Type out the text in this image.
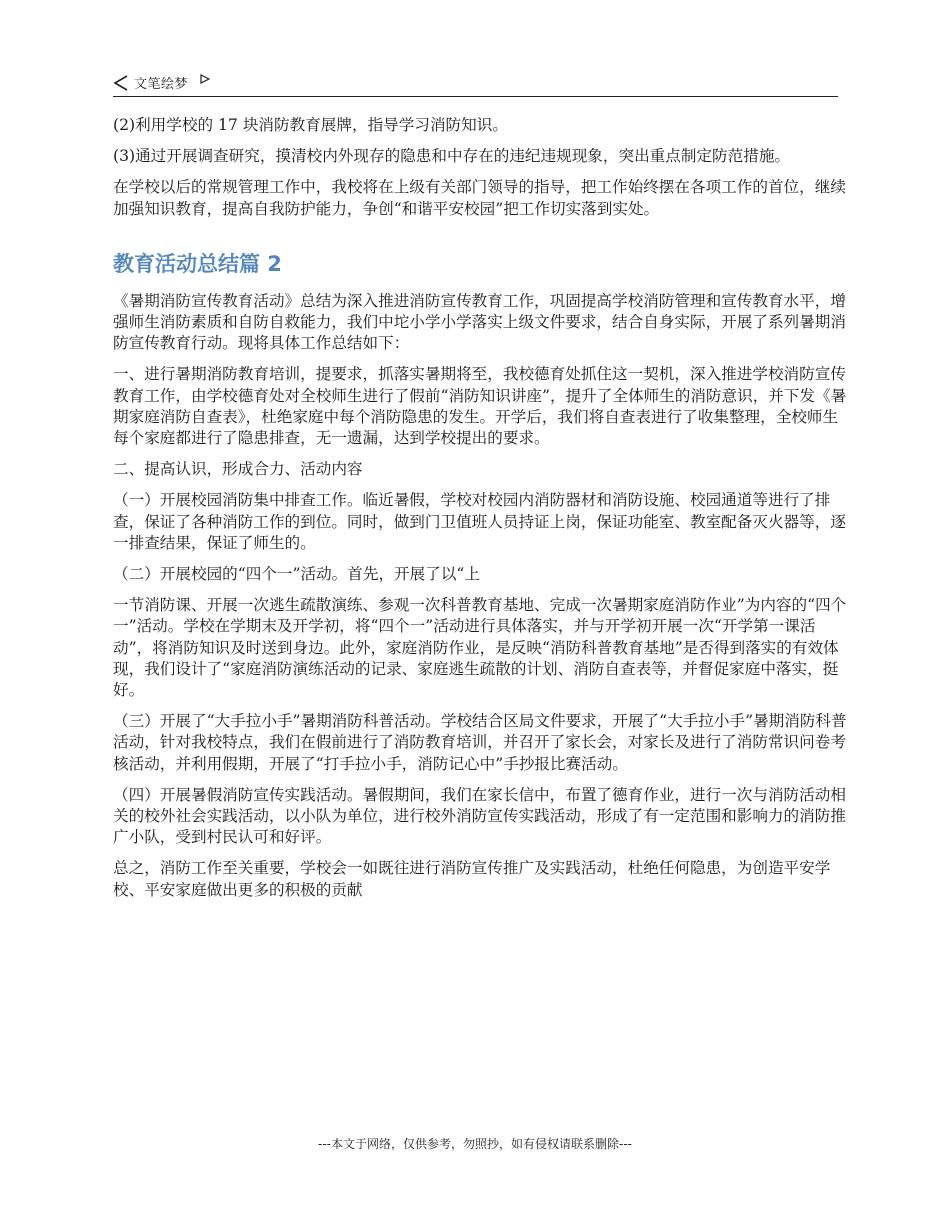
文笔绘梦

(2)利用学校的 17 块消防教育展牌，指导学习消防知识。

(3)通过开展调查研究，摸清校内外现存的隐患和中存在的违纪违规现象，突出重点制定防范措施。

在学校以后的常规管理工作中，我校将在上级有关部门领导的指导，把工作始终摆在各项工作的首位，继续加强知识教育，提高自我防护能力，争创“和谐平安校园”把工作切实落到实处。

教育活动总结篇 2

《暑期消防宣传教育活动》总结为深入推进消防宣传教育工作，巩固提高学校消防管理和宣传教育水平，增强师生消防素质和自防自救能力，我们中坨小学小学落实上级文件要求，结合自身实际，开展了系列暑期消防宣传教育行动。现将具体工作总结如下：

一、进行暑期消防教育培训，提要求，抓落实暑期将至，我校德育处抓住这一契机，深入推进学校消防宣传教育工作，由学校德育处对全校师生进行了假前“消防知识讲座”，提升了全体师生的消防意识，并下发《暑期家庭消防自查表》，杜绝家庭中每个消防隐患的发生。开学后，我们将自查表进行了收集整理，全校师生每个家庭都进行了隐患排查，无一遗漏，达到学校提出的要求。

二、提高认识，形成合力、活动内容

（一）开展校园消防集中排查工作。临近暑假，学校对校园内消防器材和消防设施、校园通道等进行了排查，保证了各种消防工作的到位。同时，做到门卫值班人员持证上岗，保证功能室、教室配备灭火器等，逐一排查结果，保证了师生的。

（二）开展校园的“四个一”活动。首先，开展了以“上

一节消防课、开展一次逃生疏散演练、参观一次科普教育基地、完成一次暑期家庭消防作业”为内容的“四个一”活动。学校在学期末及开学初，将“四个一”活动进行具体落实，并与开学初开展一次“开学第一课活动”，将消防知识及时送到身边。此外，家庭消防作业，是反映“消防科普教育基地”是否得到落实的有效体现，我们设计了“家庭消防演练活动的记录、家庭逃生疏散的计划、消防自查表等，并督促家庭中落实，挺好。

（三）开展了“大手拉小手”暑期消防科普活动。学校结合区局文件要求，开展了“大手拉小手”暑期消防科普活动，针对我校特点，我们在假前进行了消防教育培训，并召开了家长会，对家长及进行了消防常识问卷考核活动，并利用假期，开展了“打手拉小手，消防记心中”手抄报比赛活动。

（四）开展暑假消防宣传实践活动。暑假期间，我们在家长信中，布置了德育作业，进行一次与消防活动相关的校外社会实践活动，以小队为单位，进行校外消防宣传实践活动，形成了有一定范围和影响力的消防推广小队，受到村民认可和好评。

总之，消防工作至关重要，学校会一如既往进行消防宣传推广及实践活动，杜绝任何隐患，为创造平安学校、平安家庭做出更多的积极的贡献

---本文于网络，仅供参考，勿照抄，如有侵权请联系删除---
